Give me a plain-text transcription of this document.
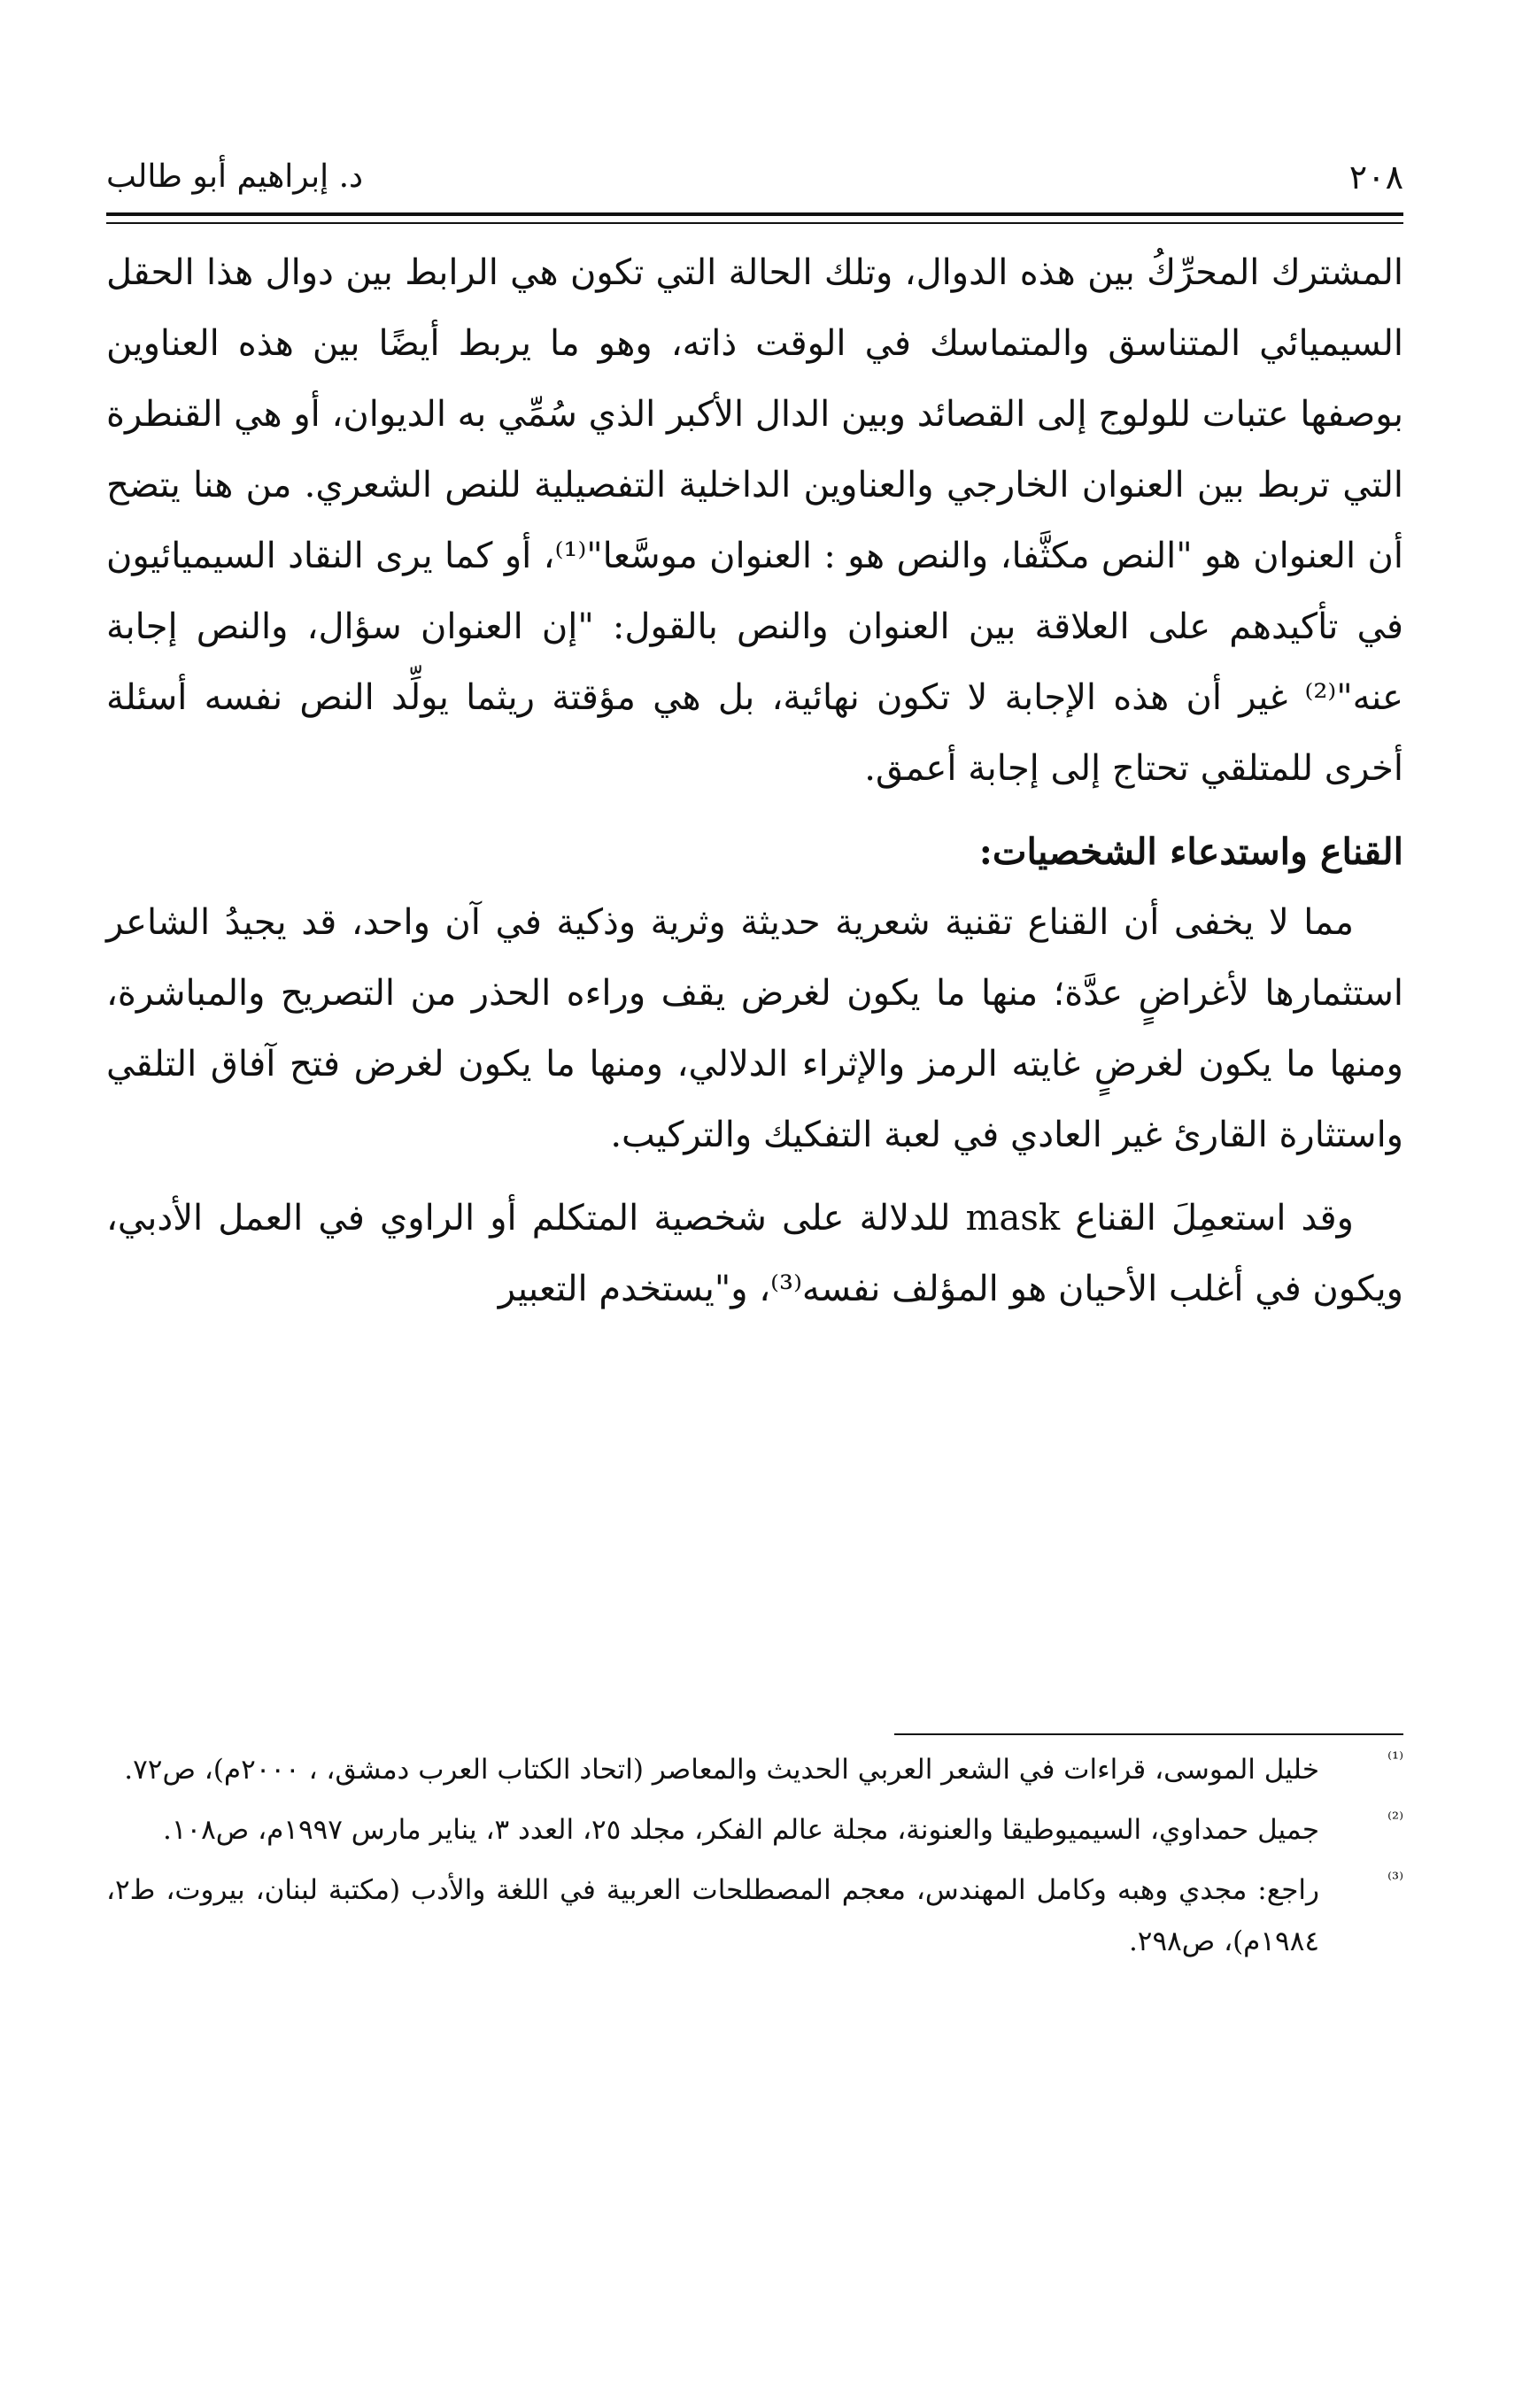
٢٠٨
د. إبراهيم أبو طالب

المشترك المحرِّكُ بين هذه الدوال، وتلك الحالة التي تكون هي الرابط بين دوال هذا الحقل السيميائي المتناسق والمتماسك في الوقت ذاته، وهو ما يربط أيضًا بين هذه العناوين بوصفها عتبات للولوج إلى القصائد وبين الدال الأكبر الذي سُمِّي به الديوان، أو هي القنطرة التي تربط بين العنوان الخارجي والعناوين الداخلية التفصيلية للنص الشعري. من هنا يتضح أن العنوان هو "النص مكثَّفا، والنص هو : العنوان موسَّعا"⁽¹⁾، أو كما يرى النقاد السيميائيون في تأكيدهم على العلاقة بين العنوان والنص بالقول: "إن العنوان سؤال، والنص إجابة عنه"⁽²⁾ غير أن هذه الإجابة لا تكون نهائية، بل هي مؤقتة ريثما يولِّد النص نفسه أسئلة أخرى للمتلقي تحتاج إلى إجابة أعمق.

القناع واستدعاء الشخصيات:

مما لا يخفى أن القناع تقنية شعرية حديثة وثرية وذكية في آن واحد، قد يجيدُ الشاعر استثمارها لأغراضٍ عدَّة؛ منها ما يكون لغرض يقف وراءه الحذر من التصريح والمباشرة، ومنها ما يكون لغرضٍ غايته الرمز والإثراء الدلالي، ومنها ما يكون لغرض فتح آفاق التلقي واستثارة القارئ غير العادي في لعبة التفكيك والتركيب.

وقد استعمِلَ القناع mask للدلالة على شخصية المتكلم أو الراوي في العمل الأدبي، ويكون في أغلب الأحيان هو المؤلف نفسه⁽³⁾، و"يستخدم التعبير

⁽¹⁾
خليل الموسى، قراءات في الشعر العربي الحديث والمعاصر (اتحاد الكتاب العرب دمشق، ، ٢٠٠٠م)، ص٧٢.
⁽²⁾
جميل حمداوي، السيميوطيقا والعنونة، مجلة عالم الفكر، مجلد ٢٥، العدد ٣، يناير مارس ١٩٩٧م، ص١٠٨.
⁽³⁾
راجع: مجدي وهبه وكامل المهندس، معجم المصطلحات العربية في اللغة والأدب (مكتبة لبنان، بيروت، ط٢، ١٩٨٤م)، ص٢٩٨.
